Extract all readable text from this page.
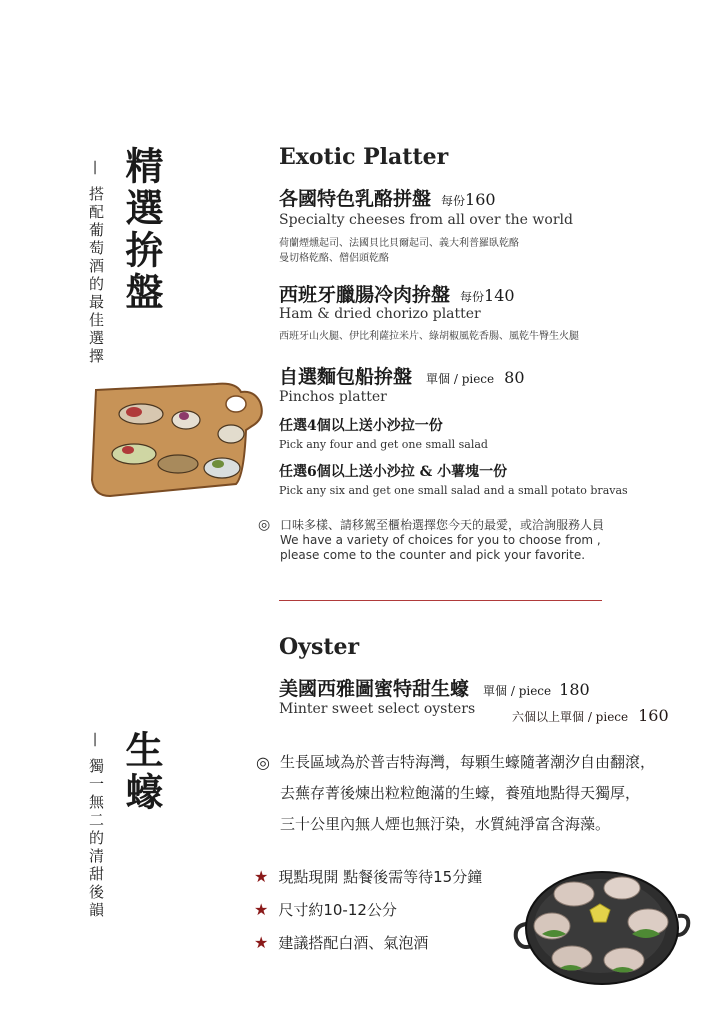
精選拚盤
— 搭配葡萄酒的最佳選擇
Exotic Platter
各國特色乳酪拼盤 每份160
Specialty cheeses from all over the world
荷蘭煙燻起司、法國貝比貝爾起司、義大利普羅臥乾酪
曼切格乾酪、僧侶頭乾酪
西班牙臘腸冷肉拚盤 每份140
Ham & dried chorizo platter
西班牙山火腿、伊比利薩拉米片、綠胡椒風乾香腸、風乾牛臀生火腿
自選麵包船拚盤 單個 / piece 80
Pinchos platter
任選4個以上送小沙拉一份
Pick any four and get one small salad
任選6個以上送小沙拉 & 小薯塊一份
Pick any six and get one small salad and a small potato bravas
◎ 口味多樣、請移駕至櫃枱選擇您今天的最愛，或洽詢服務人員
We have a variety of choices for you to choose from ,
please come to the counter and pick your favorite.
生蠔
— 獨一無二的清甜後韻
Oyster
美國西雅圖蜜特甜生蠔 單個 / piece 180
Minter sweet select oysters	六個以上單個 / piece 160
◎ 生長區域為於普吉特海灣，每顆生蠔隨著潮汐自由翻滾，
去蕪存菁後煉出粒粒飽滿的生蠔，養殖地點得天獨厚，
三十公里內無人煙也無汙染，水質純淨富含海藻。
★ 現點現開 點餐後需等待15分鐘
★ 尺寸約10-12公分
★ 建議搭配白酒、氣泡酒
